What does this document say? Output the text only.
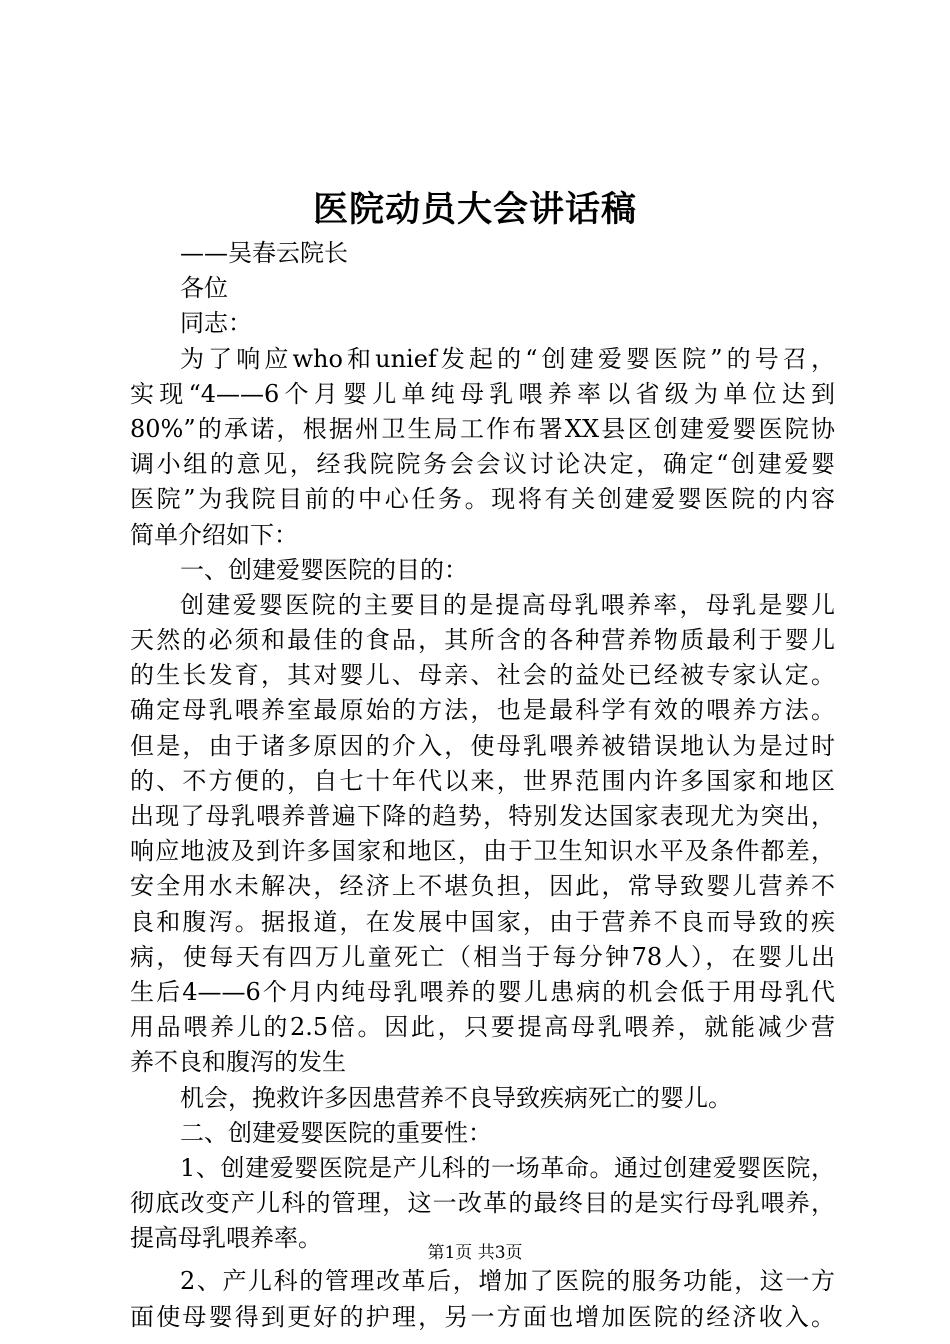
医院动员大会讲话稿
——吴春云院长
各位
同志：
为了响应who和unief发起的“创建爱婴医院”的号召，
实现“4——6个月婴儿单纯母乳喂养率以省级为单位达到
80%”的承诺，根据州卫生局工作布署XX县区创建爱婴医院协
调小组的意见，经我院院务会会议讨论决定，确定“创建爱婴
医院”为我院目前的中心任务。现将有关创建爱婴医院的内容
简单介绍如下：
一、创建爱婴医院的目的：
创建爱婴医院的主要目的是提高母乳喂养率，母乳是婴儿
天然的必须和最佳的食品，其所含的各种营养物质最利于婴儿
的生长发育，其对婴儿、母亲、社会的益处已经被专家认定。
确定母乳喂养室最原始的方法，也是最科学有效的喂养方法。
但是，由于诸多原因的介入，使母乳喂养被错误地认为是过时
的、不方便的，自七十年代以来，世界范围内许多国家和地区
出现了母乳喂养普遍下降的趋势，特别发达国家表现尤为突出，
响应地波及到许多国家和地区，由于卫生知识水平及条件都差，
安全用水未解决，经济上不堪负担，因此，常导致婴儿营养不
良和腹泻。据报道，在发展中国家，由于营养不良而导致的疾
病，使每天有四万儿童死亡（相当于每分钟78人），在婴儿出
生后4——6个月内纯母乳喂养的婴儿患病的机会低于用母乳代
用品喂养儿的2.5倍。因此，只要提高母乳喂养，就能减少营
养不良和腹泻的发生
机会，挽救许多因患营养不良导致疾病死亡的婴儿。
二、创建爱婴医院的重要性：
1、创建爱婴医院是产儿科的一场革命。通过创建爱婴医院，
彻底改变产儿科的管理，这一改革的最终目的是实行母乳喂养，
提高母乳喂养率。
2、产儿科的管理改革后，增加了医院的服务功能，这一方
面使母婴得到更好的护理，另一方面也增加医院的经济收入。
第1页 共3页
